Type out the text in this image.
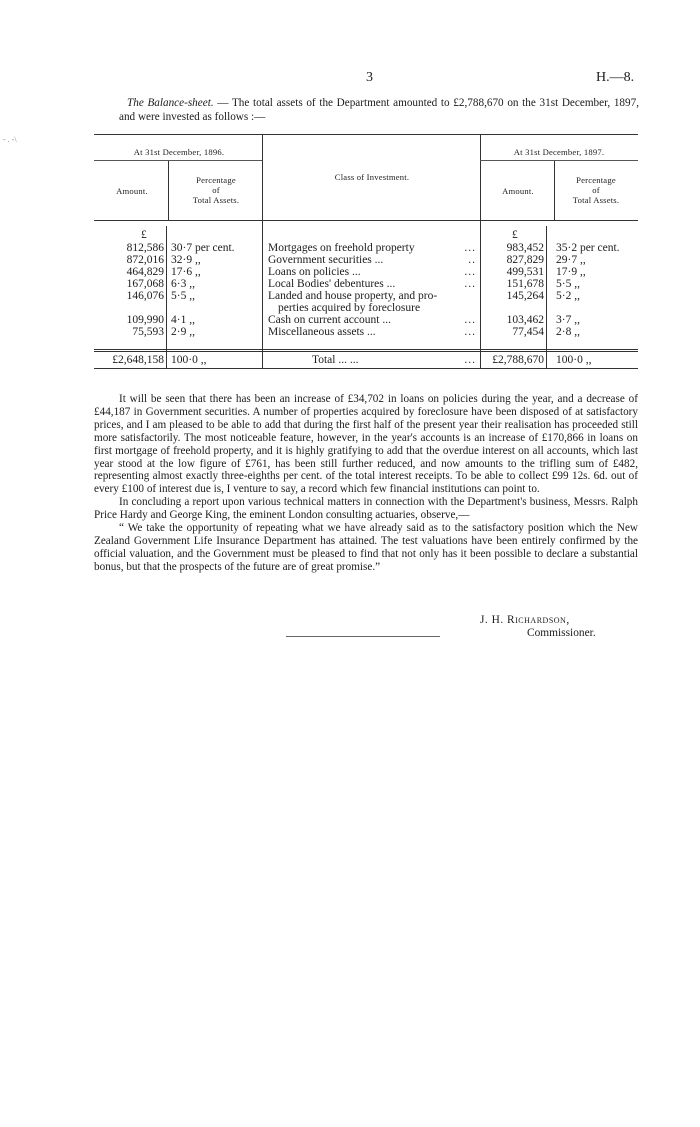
- . -\
3	H.—8.
The Balance-sheet. — The total assets of the Department amounted to £2,788,670 on the 31st December, 1897, and were invested as follows :—
At 31st December, 1896.	At 31st December, 1897.
Amount.
Percentage
of
Total Assets.
Class of Investment.
Amount.
Percentage
of
Total Assets.
£	£
812,586 30·7 per cent.	Mortgages on freehold property	...	983,452 35·2 per cent.
872,016 32·9 ,,	Government securities ...	..	827,829 29·7 ,,
464,829 17·6 ,,	Loans on policies ...	...	499,531 17·9 ,,
167,068 6·3 ,,	Local Bodies' debentures ...	...	151,678 5·5 ,,
146,076 5·5 ,,	Landed and house property, and pro-	145,264 5·2 ,,
perties acquired by foreclosure
109,990 4·1 ,,	Cash on current account ...	...	103,462 3·7 ,,
75,593 2·9 ,,	Miscellaneous assets ...	...	77,454 2·8 ,,
£2,648,158 100·0 ,,	Total ... ...	...	£2,788,670 100·0 ,,

It will be seen that there has been an increase of £34,702 in loans on policies during the year, and a decrease of £44,187 in Government securities. A number of properties acquired by foreclosure have been disposed of at satisfactory prices, and I am pleased to be able to add that during the first half of the present year their realisation has proceeded still more satisfactorily. The most noticeable feature, however, in the year's accounts is an increase of £170,866 in loans on first mortgage of freehold property, and it is highly gratifying to add that the overdue interest on all accounts, which last year stood at the low figure of £761, has been still further reduced, and now amounts to the trifling sum of £482, representing almost exactly three-eighths per cent. of the total interest receipts. To be able to collect £99 12s. 6d. out of every £100 of interest due is, I venture to say, a record which few financial institutions can point to.

In concluding a report upon various technical matters in connection with the Department's business, Messrs. Ralph Price Hardy and George King, the eminent London consulting actuaries, observe,—

“ We take the opportunity of repeating what we have already said as to the satisfactory position which the New Zealand Government Life Insurance Department has attained. The test valuations have been entirely confirmed by the official valuation, and the Government must be pleased to find that not only has it been possible to declare a substantial bonus, but that the prospects of the future are of great promise.”

J. H. Richardson,
Commissioner.
